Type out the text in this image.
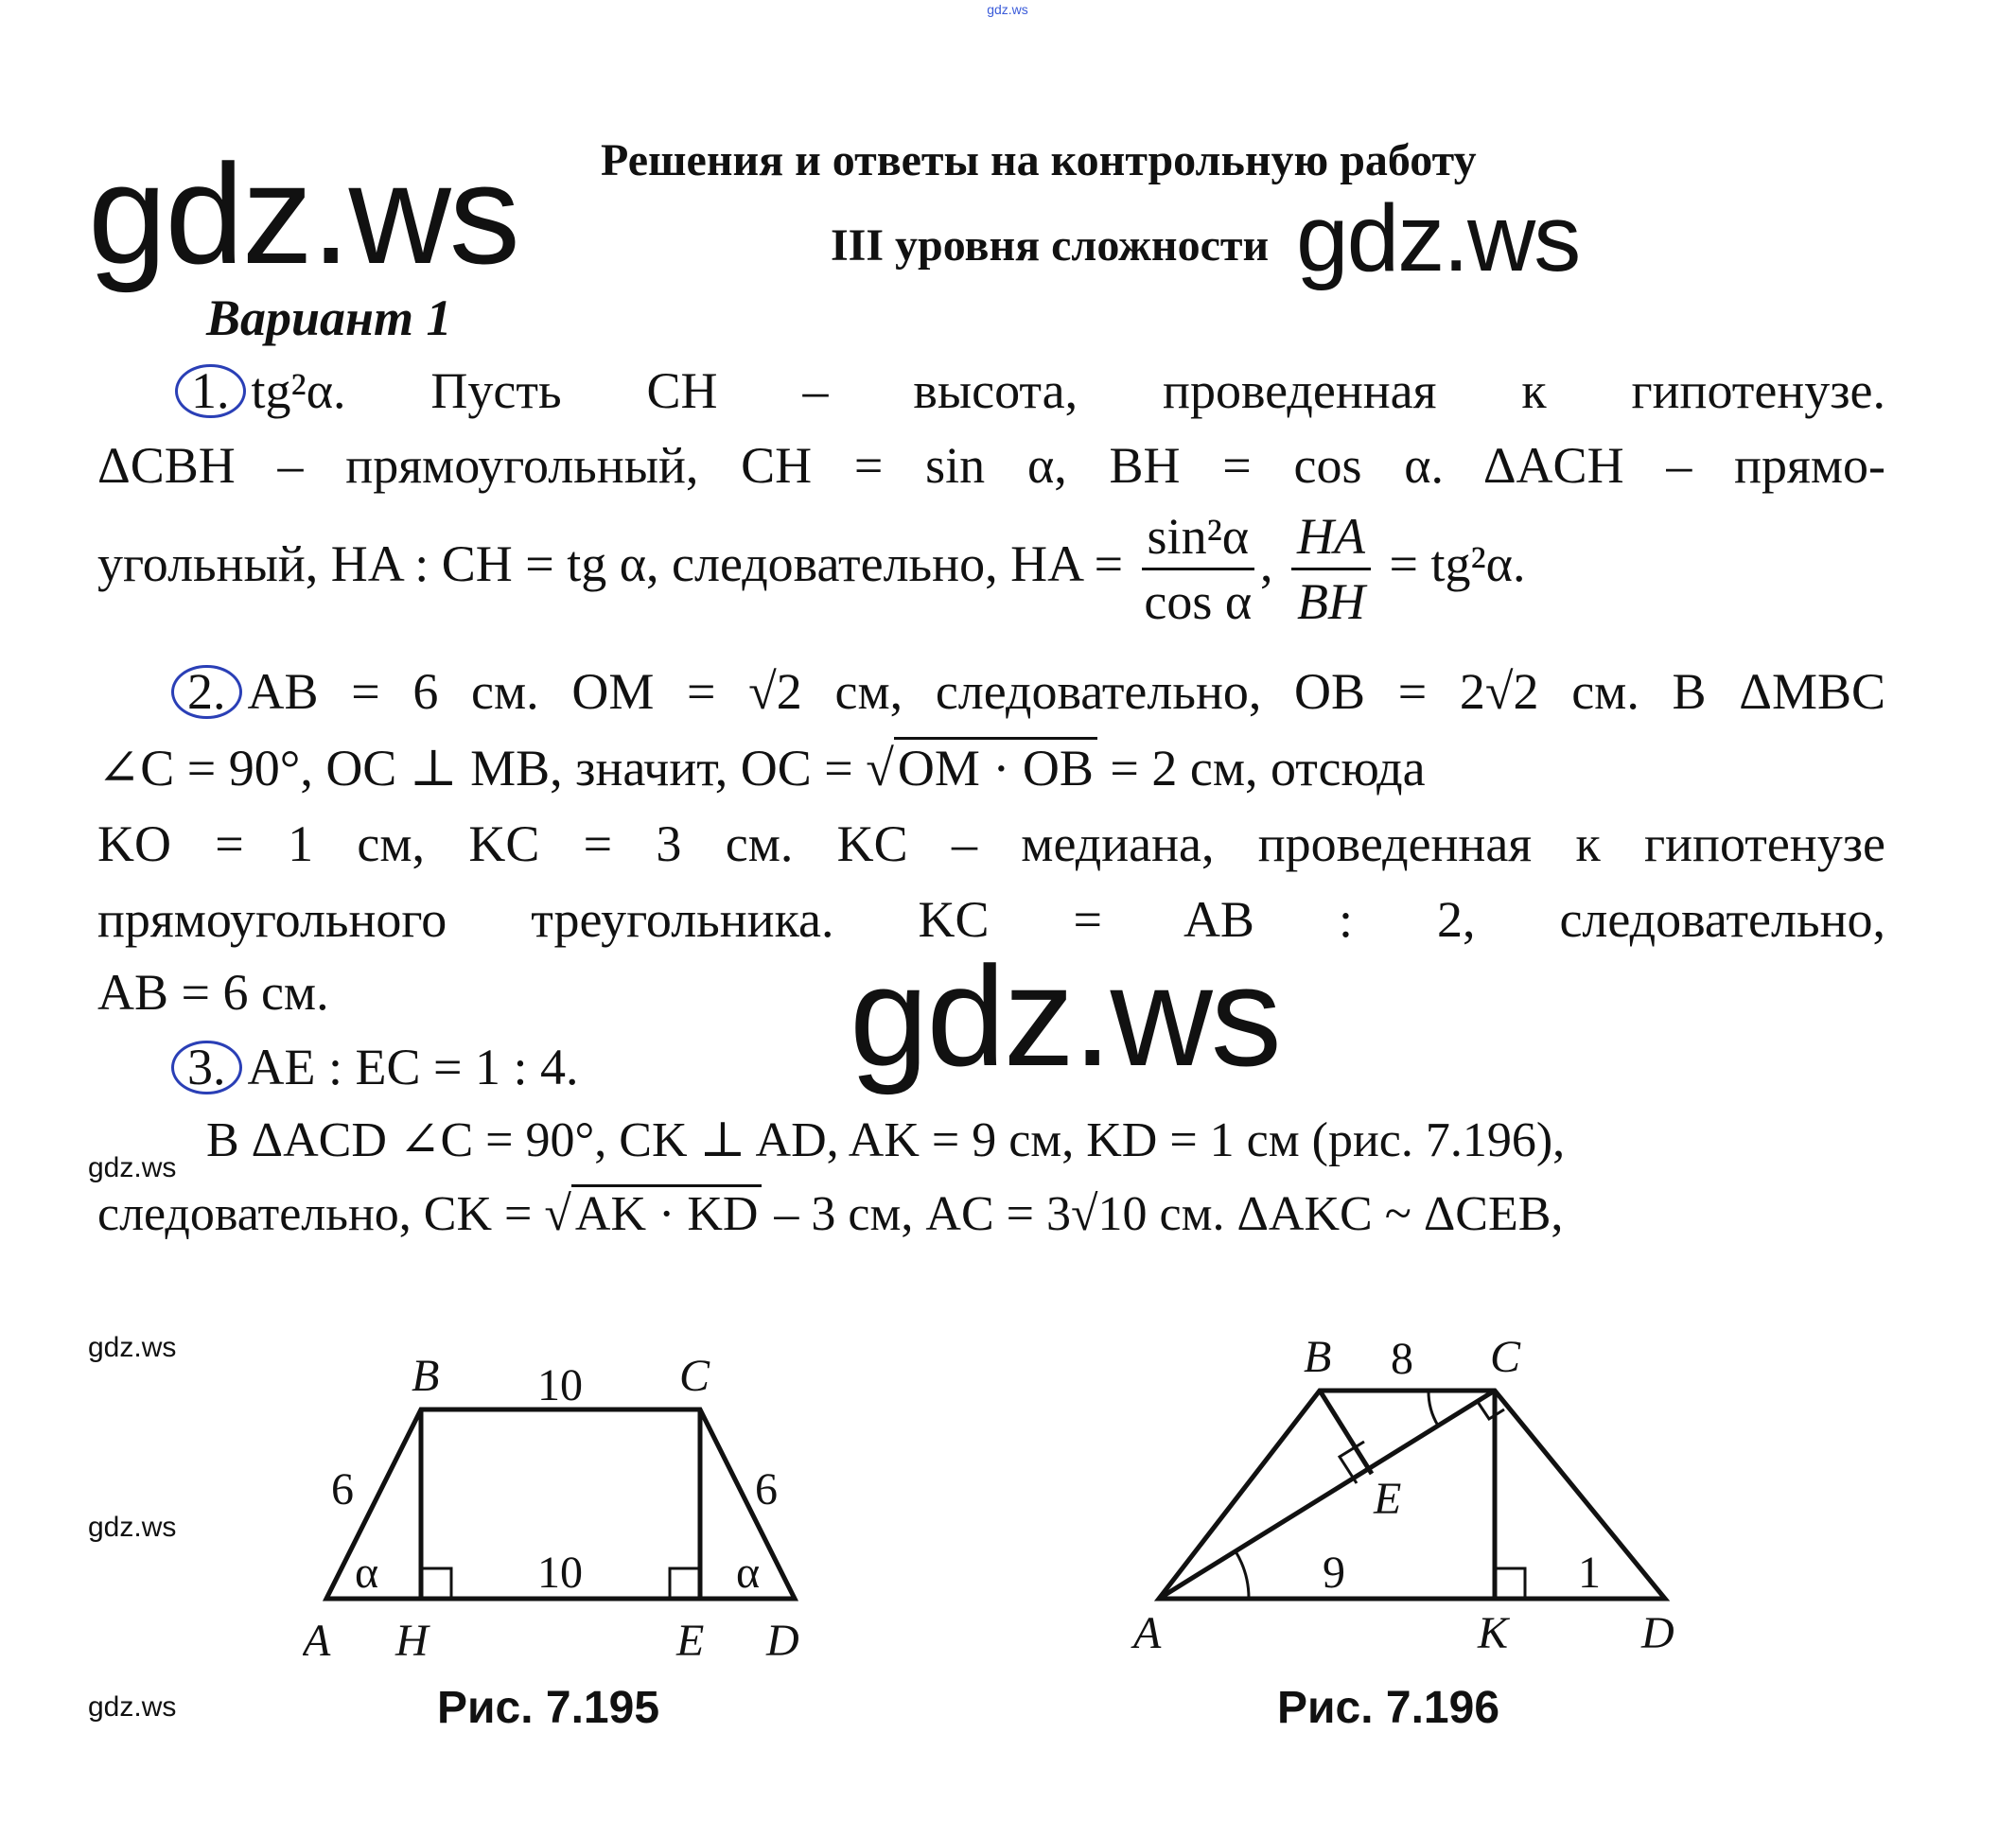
gdz.ws
gdz.ws	gdz.ws
gdz.ws
gdz.ws
gdz.ws
gdz.ws
gdz.ws
Решения и ответы на контрольную работу
III уровня сложности
Вариант 1
1. tg²α. Пусть CH – высота, проведенная к гипотенузе.
ΔCBH – прямоугольный, CH = sin α, BH = cos α. ΔACH – прямо-
угольный, HA : CH = tg α, следовательно, HA = $\frac{\text{sin²α}}{\text{cos α}}$ , $\frac{HA}{BH} = tg^2\alpha$.
2. AB = 6 см. OM = √2 см, следовательно, OB = 2√2 см. В ΔMBC
∠C = 90°, OC ⊥ MB, значит, OC = √OM · OB = 2 см, отсюда
KO = 1 см, KC = 3 см. KC – медиана, проведенная к гипотенузе
прямоугольного треугольника. KC = AB : 2, следовательно,
AB = 6 см.
3. AE : EC = 1 : 4.
В ΔACD ∠C = 90°, CK ⊥ AD, AK = 9 см, KD = 1 см (рис. 7.196),
следовательно, CK = √AK · KD – 3 см, AC = 3√10 см. ΔAKC ~ ΔCEB,
B	C
A H	E D
10
10
6	6
α	α
Рис. 7.195
B	C
A	K	D
E
8
9	1
Рис. 7.196
